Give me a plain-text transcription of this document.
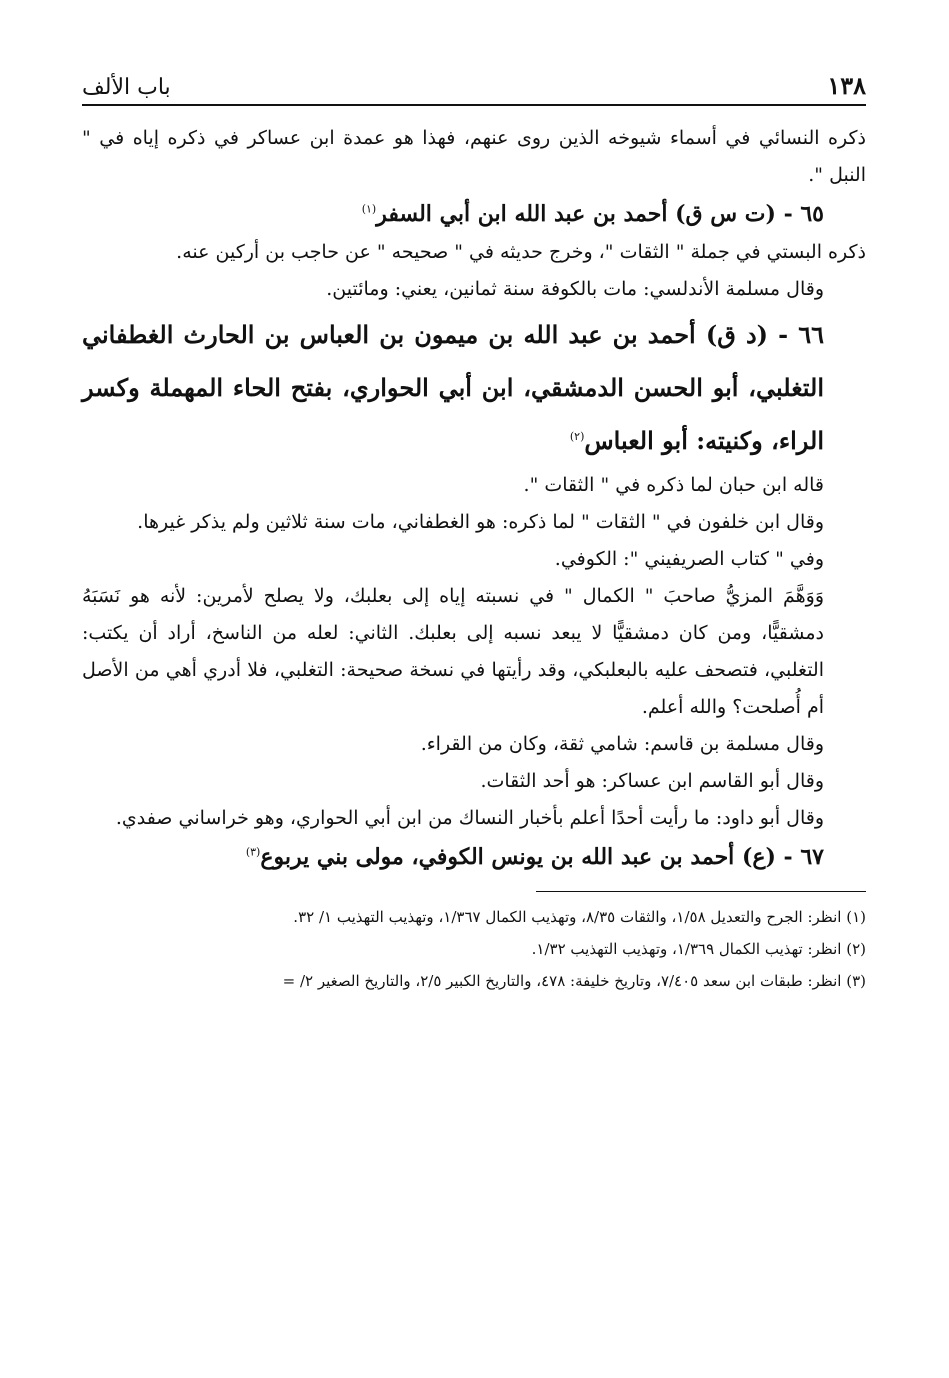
١٣٨
باب الألف

ذكره النسائي في أسماء شيوخه الذين روى عنهم، فهذا هو عمدة ابن عساكر في ذكره إياه في " النبل ".

٦٥ - (ت س ق) أحمد بن عبد الله ابن أبي السفر$^{(١)}$

ذكره البستي في جملة " الثقات "، وخرج حديثه في " صحيحه " عن حاجب بن أركين عنه.

وقال مسلمة الأندلسي: مات بالكوفة سنة ثمانين، يعني: ومائتين.

٦٦ - (د ق) أحمد بن عبد الله بن ميمون بن العباس بن الحارث الغطفاني التغلبي، أبو الحسن الدمشقي، ابن أبي الحواري، بفتح الحاء المهملة وكسر الراء، وكنيته: أبو العباس$^{(٢)}$

قاله ابن حبان لما ذكره في " الثقات ".

وقال ابن خلفون في " الثقات " لما ذكره: هو الغطفاني، مات سنة ثلاثين ولم يذكر غيرها.

وفي " كتاب الصريفيني ": الكوفي.

وَوَهَّمَ المزيُّ صاحبَ " الكمال " في نسبته إياه إلى بعلبك، ولا يصلح لأمرين: لأنه هو نَسَبَهُ دمشقيًّا، ومن كان دمشقيًّا لا يبعد نسبه إلى بعلبك. الثاني: لعله من الناسخ، أراد أن يكتب: التغلبي، فتصحف عليه بالبعلبكي، وقد رأيتها في نسخة صحيحة: التغلبي، فلا أدري أهي من الأصل أم أُصلحت؟ والله أعلم.

وقال مسلمة بن قاسم: شامي ثقة، وكان من القراء.

وقال أبو القاسم ابن عساكر: هو أحد الثقات.

وقال أبو داود: ما رأيت أحدًا أعلم بأخبار النساك من ابن أبي الحواري، وهو خراساني صفدي.

٦٧ - (ع) أحمد بن عبد الله بن يونس الكوفي، مولى بني يربوع$^{(٣)}$

(١) انظر: الجرح والتعديل ١/٥٨، والثقات ٨/٣٥، وتهذيب الكمال ١/٣٦٧، وتهذيب التهذيب ١/ ٣٢.

(٢) انظر: تهذيب الكمال ١/٣٦٩، وتهذيب التهذيب ١/٣٢.

(٣) انظر: طبقات ابن سعد ٧/٤٠٥، وتاريخ خليفة: ٤٧٨، والتاريخ الكبير ٢/٥، والتاريخ الصغير ٢/ =
